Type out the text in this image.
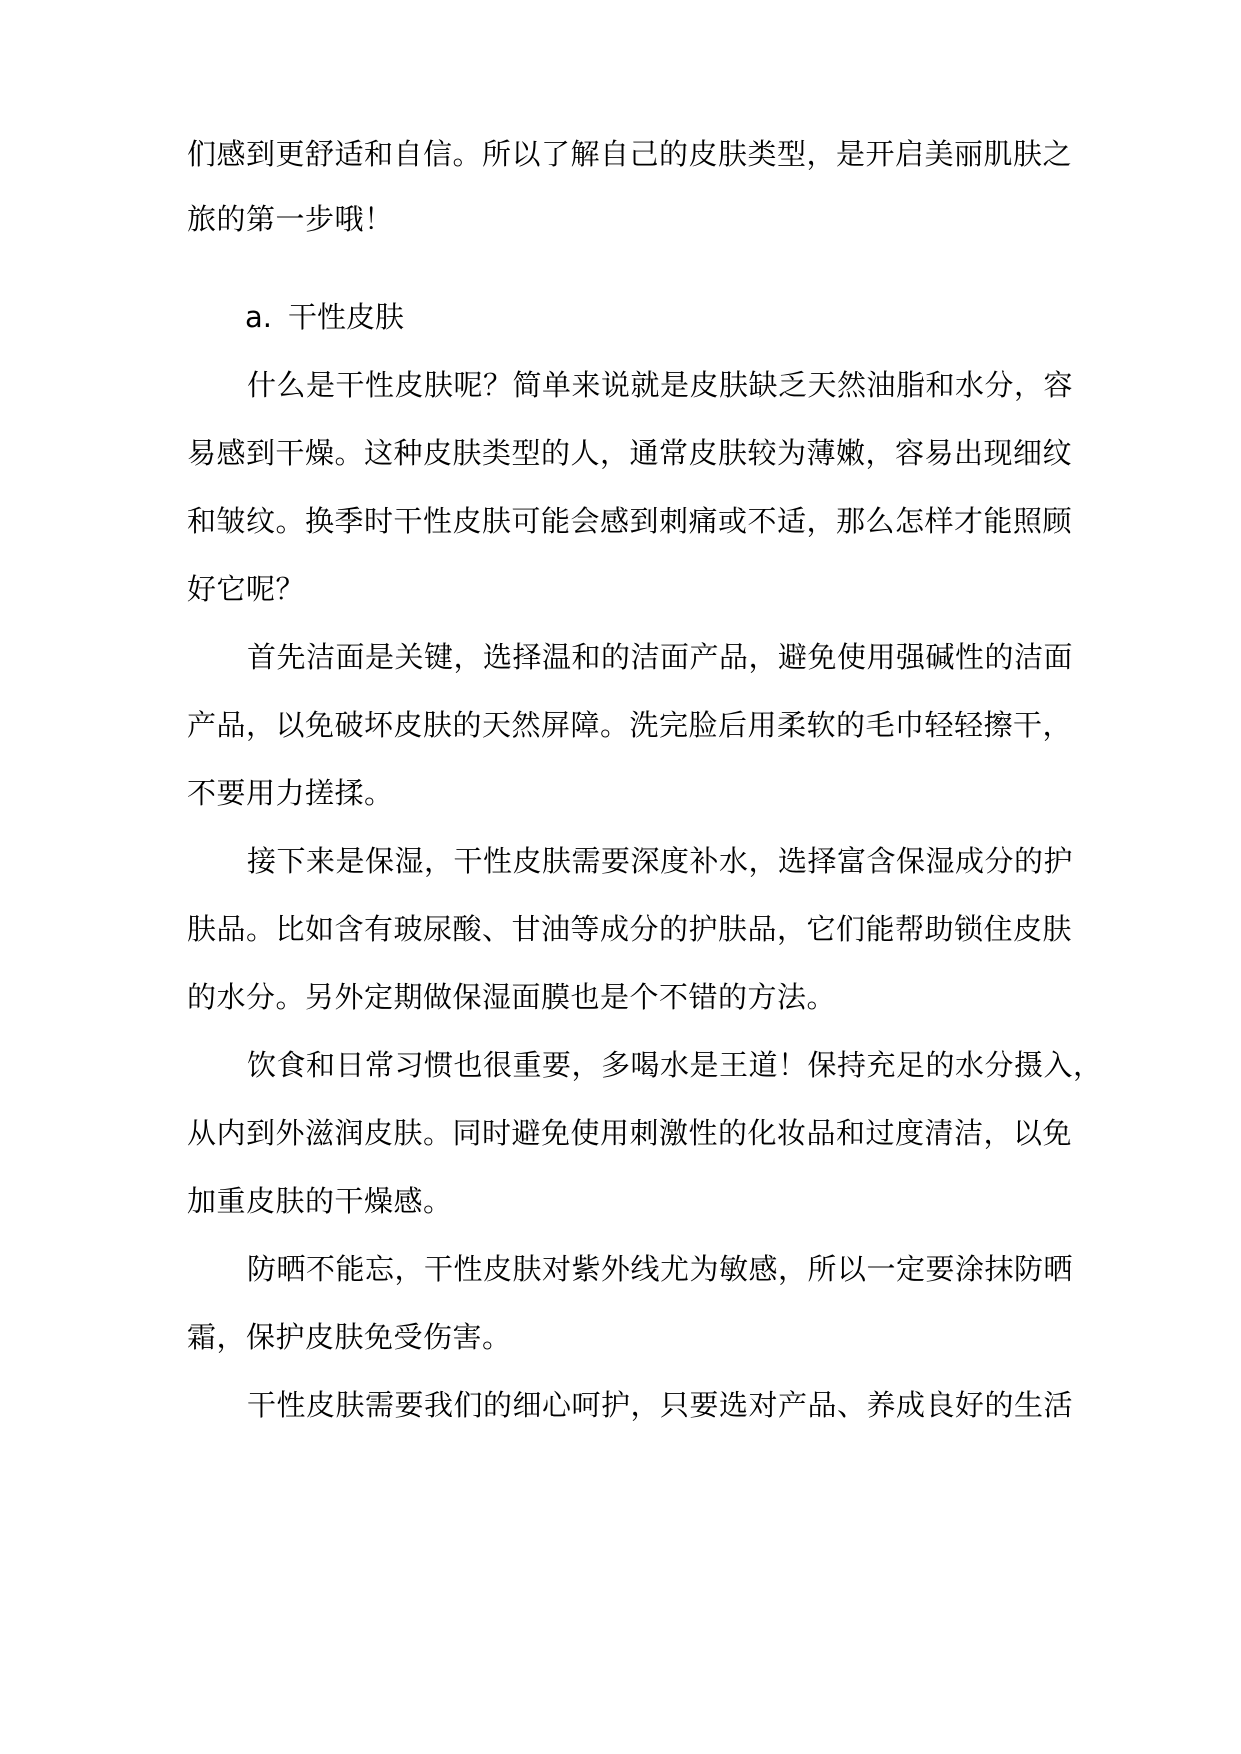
们感到更舒适和自信。所以了解自己的皮肤类型，是开启美丽肌肤之
旅的第一步哦！
a. 干性皮肤
什么是干性皮肤呢？简单来说就是皮肤缺乏天然油脂和水分，容
易感到干燥。这种皮肤类型的人，通常皮肤较为薄嫩，容易出现细纹
和皱纹。换季时干性皮肤可能会感到刺痛或不适，那么怎样才能照顾
好它呢？
首先洁面是关键，选择温和的洁面产品，避免使用强碱性的洁面
产品，以免破坏皮肤的天然屏障。洗完脸后用柔软的毛巾轻轻擦干，
不要用力搓揉。
接下来是保湿，干性皮肤需要深度补水，选择富含保湿成分的护
肤品。比如含有玻尿酸、甘油等成分的护肤品，它们能帮助锁住皮肤
的水分。另外定期做保湿面膜也是个不错的方法。
饮食和日常习惯也很重要，多喝水是王道！保持充足的水分摄入，
从内到外滋润皮肤。同时避免使用刺激性的化妆品和过度清洁，以免
加重皮肤的干燥感。
防晒不能忘，干性皮肤对紫外线尤为敏感，所以一定要涂抹防晒
霜，保护皮肤免受伤害。
干性皮肤需要我们的细心呵护，只要选对产品、养成良好的生活
